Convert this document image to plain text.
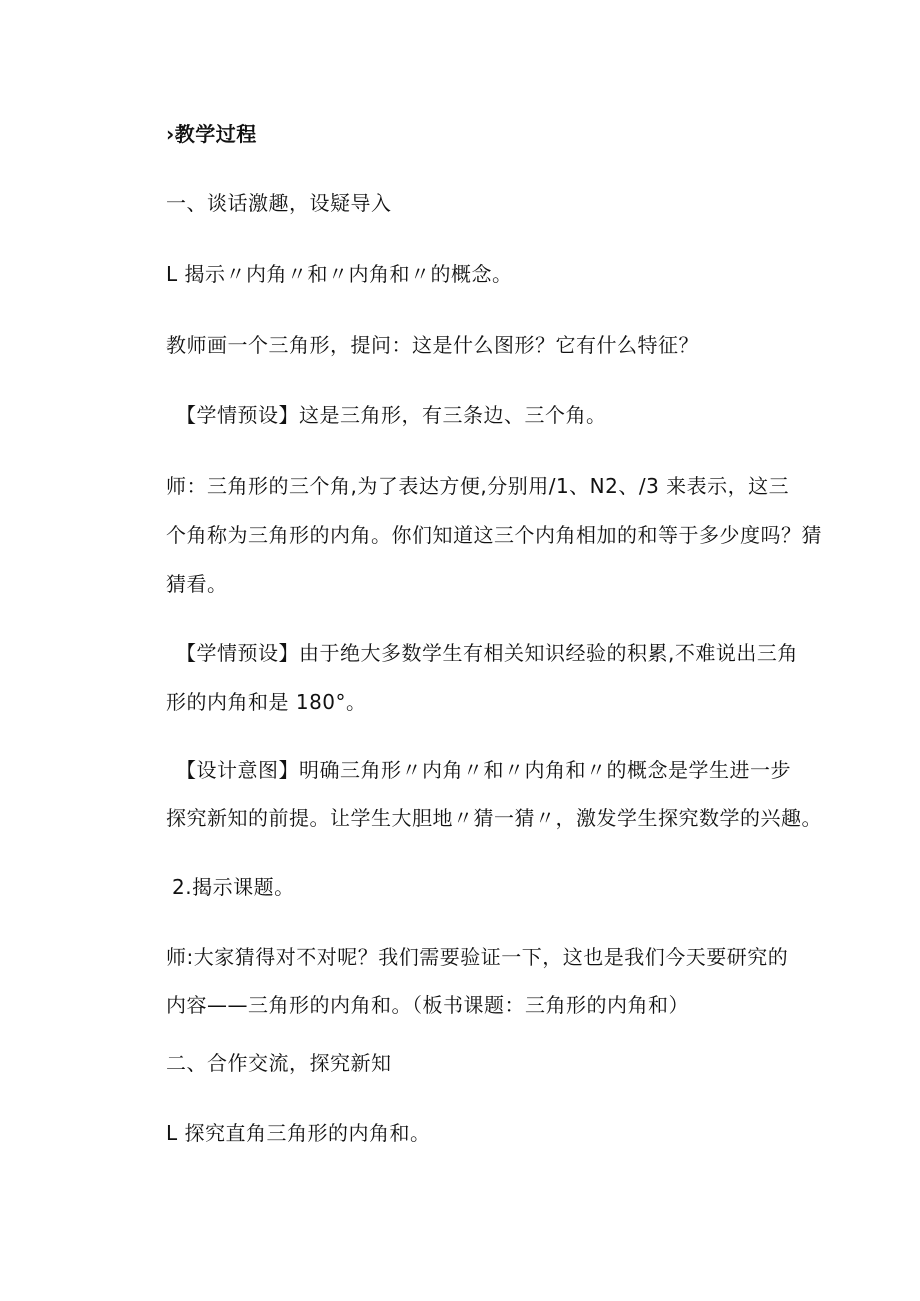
›教学过程
一、谈话激趣，设疑导入
L 揭示〃内角〃和〃内角和〃的概念。
教师画一个三角形，提问：这是什么图形？它有什么特征？
【学情预设】这是三角形，有三条边、三个角。
师：三角形的三个角,为了表达方便,分别用/1、N2、/3 来表示，这三
个角称为三角形的内角。你们知道这三个内角相加的和等于多少度吗？猜
猜看。
【学情预设】由于绝大多数学生有相关知识经验的积累,不难说出三角
形的内角和是 180°。
【设计意图】明确三角形〃内角〃和〃内角和〃的概念是学生进一步
探究新知的前提。让学生大胆地〃猜一猜〃，激发学生探究数学的兴趣。
2.揭示课题。
师:大家猜得对不对呢？我们需要验证一下，这也是我们今天要研究的
内容——三角形的内角和。（板书课题：三角形的内角和）
二、合作交流，探究新知
L 探究直角三角形的内角和。
